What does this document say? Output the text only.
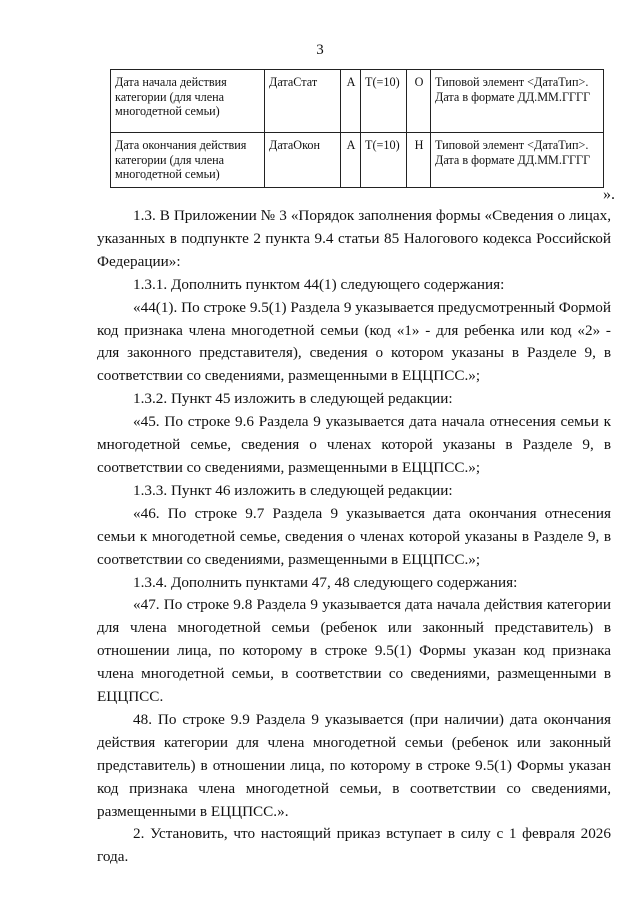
3
Дата начала действия категории (для члена многодетной семьи)	ДатаСтат	А	T(=10)	О	Типовой элемент <ДатаТип>. Дата в формате ДД.ММ.ГГГГ
Дата окончания действия категории (для члена многодетной семьи)	ДатаОкон	А	T(=10)	Н	Типовой элемент <ДатаТип>. Дата в формате ДД.ММ.ГГГГ
».

1.3. В Приложении № 3 «Порядок заполнения формы «Сведения о лицах, указанных в подпункте 2 пункта 9.4 статьи 85 Налогового кодекса Российской Федерации»:

1.3.1. Дополнить пунктом 44(1) следующего содержания:

«44(1). По строке 9.5(1) Раздела 9 указывается предусмотренный Формой код признака члена многодетной семьи (код «1» - для ребенка или код «2» - для законного представителя), сведения о котором указаны в Разделе 9, в соответствии со сведениями, размещенными в ЕЦЦПСС.»;

1.3.2. Пункт 45 изложить в следующей редакции:

«45. По строке 9.6 Раздела 9 указывается дата начала отнесения семьи к многодетной семье, сведения о членах которой указаны в Разделе 9, в соответствии со сведениями, размещенными в ЕЦЦПСС.»;

1.3.3. Пункт 46 изложить в следующей редакции:

«46. По строке 9.7 Раздела 9 указывается дата окончания отнесения семьи к многодетной семье, сведения о членах которой указаны в Разделе 9, в соответствии со сведениями, размещенными в ЕЦЦПСС.»;

1.3.4. Дополнить пунктами 47, 48 следующего содержания:

«47. По строке 9.8 Раздела 9 указывается дата начала действия категории для члена многодетной семьи (ребенок или законный представитель) в отношении лица, по которому в строке 9.5(1) Формы указан код признака члена многодетной семьи, в соответствии со сведениями, размещенными в ЕЦЦПСС.

48. По строке 9.9 Раздела 9 указывается (при наличии) дата окончания действия категории для члена многодетной семьи (ребенок или законный представитель) в отношении лица, по которому в строке 9.5(1) Формы указан код признака члена многодетной семьи, в соответствии со сведениями, размещенными в ЕЦЦПСС.».

2. Установить, что настоящий приказ вступает в силу с 1 февраля 2026 года.
